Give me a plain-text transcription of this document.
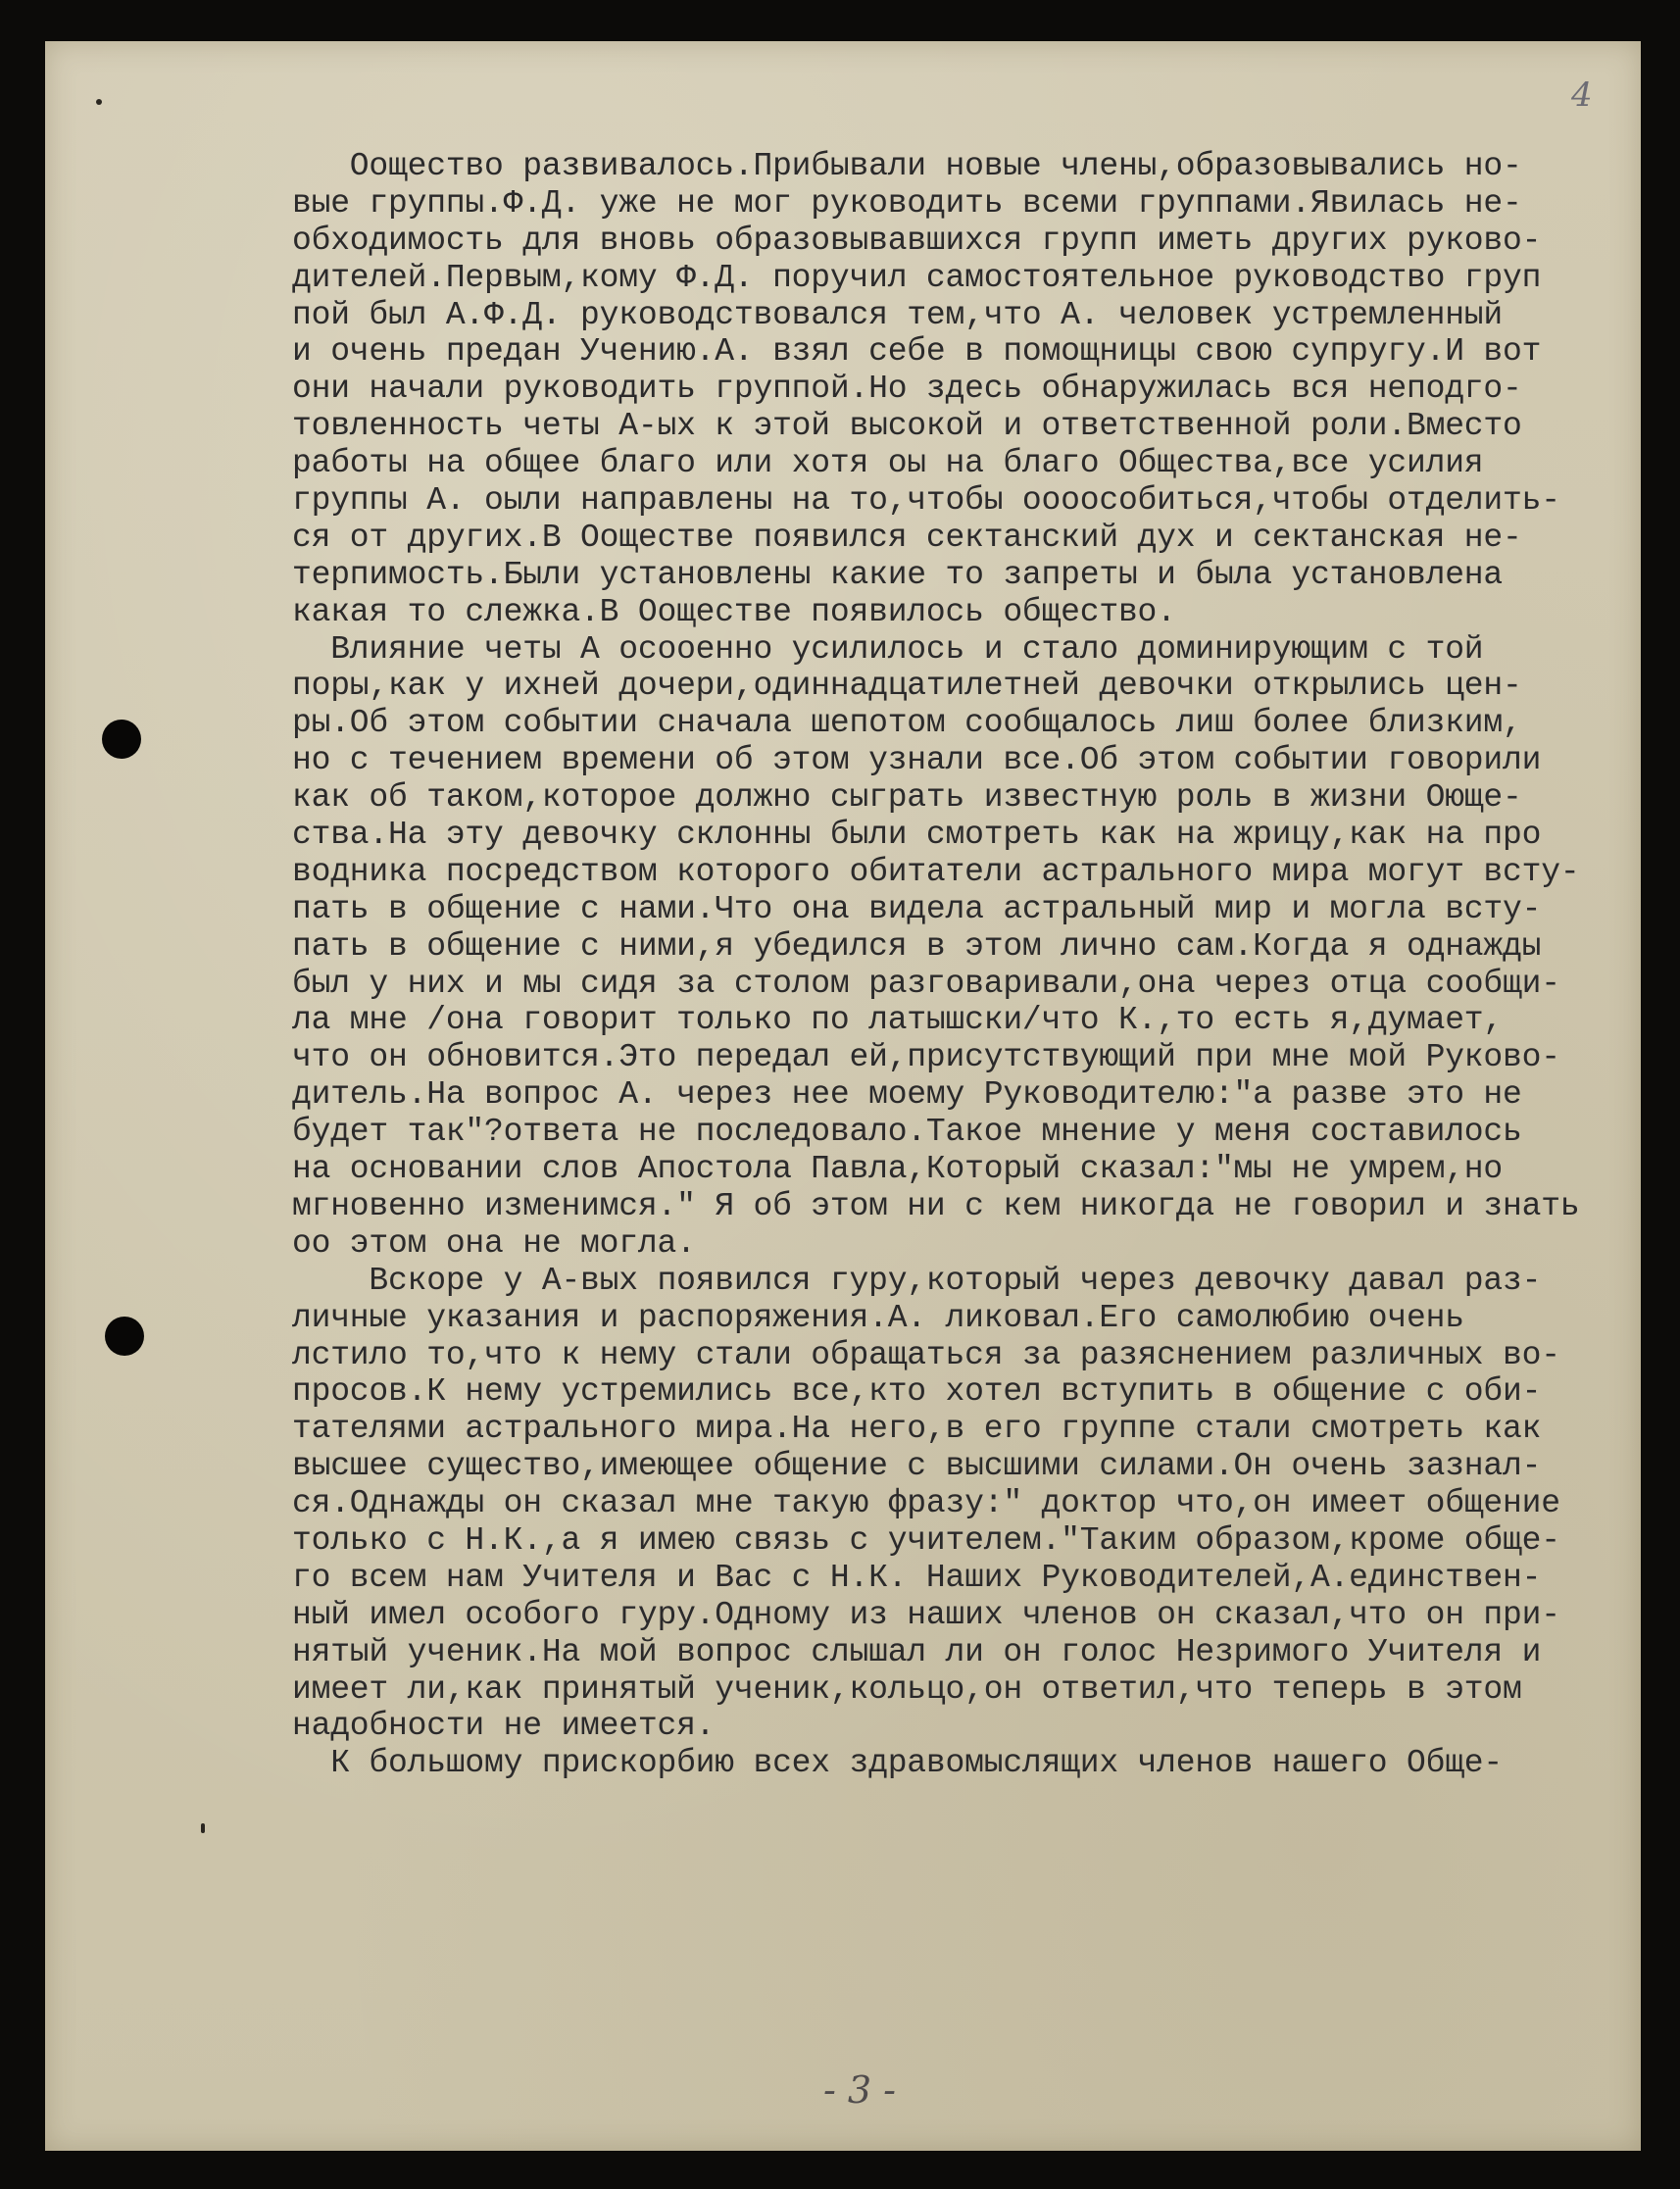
4
Оощество развивалось.Прибывали новые члены,образовывались но-
вые группы.Ф.Д. уже не мог руководить всеми группами.Явилась не-
обходимость для вновь образовывавшихся групп иметь других руково-
дителей.Первым,кому Ф.Д. поручил самостоятельное руководство груп
пой был А.Ф.Д. руководствовался тем,что А. человек устремленный
и очень предан Учению.А. взял себе в помощницы свою супругу.И вот
они начали руководить группой.Но здесь обнаружилась вся неподго-
товленность четы А-ых к этой высокой и ответственной роли.Вместо
работы на общее благо или хотя оы на благо Общества,все усилия
группы А. оыли направлены на то,чтобы оооособиться,чтобы отделить-
ся от других.В Ооществе появился сектанский дух и сектанская не-
терпимость.Были установлены какие то запреты и была установлена
какая то слежка.В Ооществе появилось общество.
Влияние четы А осооенно усилилось и стало доминирующим с той
поры,как у ихней дочери,одиннадцатилетней девочки открылись цен-
ры.Об этом событии сначала шепотом сообщалось лиш более близким,
но с течением времени об этом узнали все.Об этом событии говорили
как об таком,которое должно сыграть известную роль в жизни Оюще-
ства.На эту девочку склонны были смотреть как на жрицу,как на про
водника посредством которого обитатели астрального мира могут всту-
пать в общение с нами.Что она видела астральный мир и могла всту-
пать в общение с ними,я убедился в этом лично сам.Когда я однажды
был у них и мы сидя за столом разговаривали,она через отца сообщи-
ла мне /она говорит только по латышски/что К.,то есть я,думает,
что он обновится.Это передал ей,присутствующий при мне мой Руково-
дитель.На вопрос А. через нее моему Руководителю:"а разве это не
будет так"?ответа не последовало.Такое мнение у меня составилось
на основании слов Апостола Павла,Который сказал:"мы не умрем,но
мгновенно изменимся." Я об этом ни с кем никогда не говорил и знать
оо этом она не могла.
Вскоре у А-вых появился гуру,который через девочку давал раз-
личные указания и распоряжения.А. ликовал.Его самолюбию очень
лстило то,что к нему стали обращаться за разяснением различных во-
просов.К нему устремились все,кто хотел вступить в общение с оби-
тателями астрального мира.На него,в его группе стали смотреть как
высшее существо,имеющее общение с высшими силами.Он очень зазнал-
ся.Однажды он сказал мне такую фразу:" доктор что,он имеет общение
только с Н.К.,а я имею связь с учителем."Таким образом,кроме обще-
го всем нам Учителя и Вас с Н.К. Наших Руководителей,А.единствен-
ный имел особого гуру.Одному из наших членов он сказал,что он при-
нятый ученик.На мой вопрос слышал ли он голос Незримого Учителя и
имеет ли,как принятый ученик,кольцо,он ответил,что теперь в этом
надобности не имеется.
К большому прискорбию всех здравомыслящих членов нашего Обще-
- 3 -
